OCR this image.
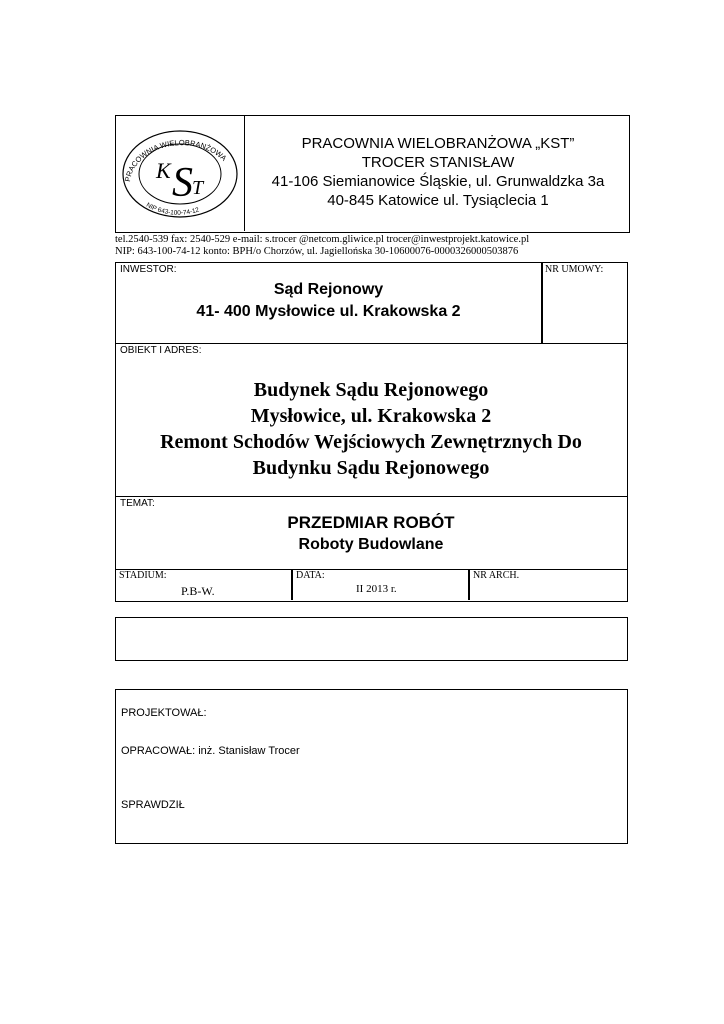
PRACOWNIA WIELOBRANŻOWA
NIP 643-100-74-12
K S T
PRACOWNIA WIELOBRANŻOWA „KST”
TROCER STANISŁAW
41-106 Siemianowice Śląskie, ul. Grunwaldzka 3a
40-845 Katowice ul. Tysiąclecia 1
tel.2540-539 fax: 2540-529 e-mail: s.trocer @netcom.gliwice.pl trocer@inwestprojekt.katowice.pl
NIP: 643-100-74-12 konto: BPH/o Chorzów, ul. Jagiellońska 30-10600076-0000326000503876
INWESTOR:	NR UMOWY:
Sąd Rejonowy
41- 400 Mysłowice ul. Krakowska 2
OBIEKT I ADRES:
Budynek Sądu Rejonowego
Mysłowice, ul. Krakowska 2
Remont Schodów Wejściowych Zewnętrznych Do
Budynku Sądu Rejonowego
TEMAT:
PRZEDMIAR ROBÓT
Roboty Budowlane
STADIUM:
P.B-W.
DATA:
II 2013 r.
NR ARCH.
PROJEKTOWAŁ:
OPRACOWAŁ: inż. Stanisław Trocer
SPRAWDZIŁ
